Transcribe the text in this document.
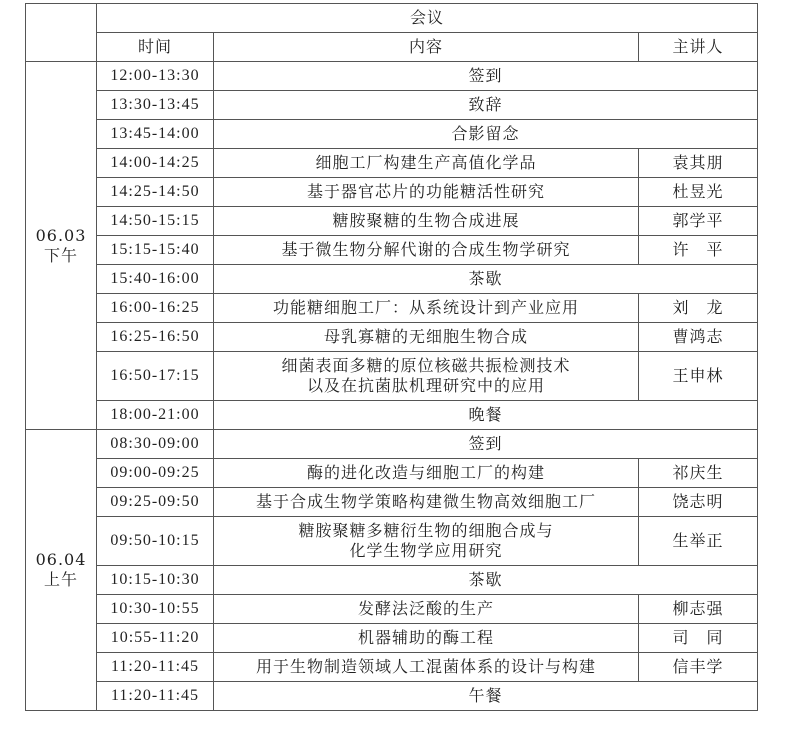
	会议		
	时间	内容	主讲人

06.03
下午	12:00-13:30	签到	
	13:30-13:45	致辞	
	13:45-14:00	合影留念	
	14:00-14:25	细胞工厂构建生产高值化学品	袁其朋
	14:25-14:50	基于器官芯片的功能糖活性研究	杜昱光
	14:50-15:15	糖胺聚糖的生物合成进展	郭学平
	15:15-15:40	基于微生物分解代谢的合成生物学研究	许　平
	15:40-16:00	茶歇	
	16:00-16:25	功能糖细胞工厂：从系统设计到产业应用	刘　龙
	16:25-16:50	母乳寡糖的无细胞生物合成	曹鸿志
	16:50-17:15	细菌表面多糖的原位核磁共振检测技术
以及在抗菌肽机理研究中的应用	王申林
	18:00-21:00	晚餐	

06.04
上午	08:30-09:00	签到	
	09:00-09:25	酶的进化改造与细胞工厂的构建	祁庆生
	09:25-09:50	基于合成生物学策略构建微生物高效细胞工厂	饶志明
	09:50-10:15	糖胺聚糖多糖衍生物的细胞合成与
化学生物学应用研究	生举正
	10:15-10:30	茶歇	
	10:30-10:55	发酵法泛酸的生产	柳志强
	10:55-11:20	机器辅助的酶工程	司　同
	11:20-11:45	用于生物制造领域人工混菌体系的设计与构建	信丰学
	11:20-11:45	午餐	
